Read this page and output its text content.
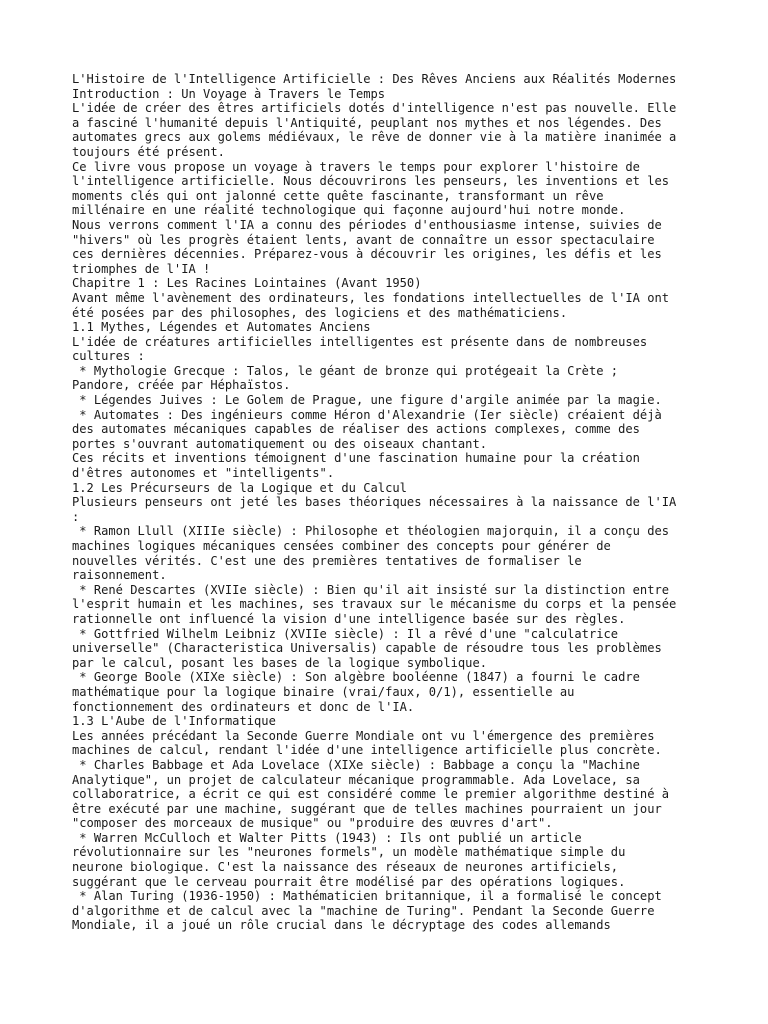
L'Histoire de l'Intelligence Artificielle : Des Rêves Anciens aux Réalités Modernes
Introduction : Un Voyage à Travers le Temps
L'idée de créer des êtres artificiels dotés d'intelligence n'est pas nouvelle. Elle
a fasciné l'humanité depuis l'Antiquité, peuplant nos mythes et nos légendes. Des
automates grecs aux golems médiévaux, le rêve de donner vie à la matière inanimée a
toujours été présent.
Ce livre vous propose un voyage à travers le temps pour explorer l'histoire de
l'intelligence artificielle. Nous découvrirons les penseurs, les inventions et les
moments clés qui ont jalonné cette quête fascinante, transformant un rêve
millénaire en une réalité technologique qui façonne aujourd'hui notre monde.
Nous verrons comment l'IA a connu des périodes d'enthousiasme intense, suivies de
"hivers" où les progrès étaient lents, avant de connaître un essor spectaculaire
ces dernières décennies. Préparez-vous à découvrir les origines, les défis et les
triomphes de l'IA !
Chapitre 1 : Les Racines Lointaines (Avant 1950)
Avant même l'avènement des ordinateurs, les fondations intellectuelles de l'IA ont
été posées par des philosophes, des logiciens et des mathématiciens.
1.1 Mythes, Légendes et Automates Anciens
L'idée de créatures artificielles intelligentes est présente dans de nombreuses
cultures :
* Mythologie Grecque : Talos, le géant de bronze qui protégeait la Crète ;
Pandore, créée par Héphaïstos.
* Légendes Juives : Le Golem de Prague, une figure d'argile animée par la magie.
* Automates : Des ingénieurs comme Héron d'Alexandrie (Ier siècle) créaient déjà
des automates mécaniques capables de réaliser des actions complexes, comme des
portes s'ouvrant automatiquement ou des oiseaux chantant.
Ces récits et inventions témoignent d'une fascination humaine pour la création
d'êtres autonomes et "intelligents".
1.2 Les Précurseurs de la Logique et du Calcul
Plusieurs penseurs ont jeté les bases théoriques nécessaires à la naissance de l'IA
:
* Ramon Llull (XIIIe siècle) : Philosophe et théologien majorquin, il a conçu des
machines logiques mécaniques censées combiner des concepts pour générer de
nouvelles vérités. C'est une des premières tentatives de formaliser le
raisonnement.
* René Descartes (XVIIe siècle) : Bien qu'il ait insisté sur la distinction entre
l'esprit humain et les machines, ses travaux sur le mécanisme du corps et la pensée
rationnelle ont influencé la vision d'une intelligence basée sur des règles.
* Gottfried Wilhelm Leibniz (XVIIe siècle) : Il a rêvé d'une "calculatrice
universelle" (Characteristica Universalis) capable de résoudre tous les problèmes
par le calcul, posant les bases de la logique symbolique.
* George Boole (XIXe siècle) : Son algèbre booléenne (1847) a fourni le cadre
mathématique pour la logique binaire (vrai/faux, 0/1), essentielle au
fonctionnement des ordinateurs et donc de l'IA.
1.3 L'Aube de l'Informatique
Les années précédant la Seconde Guerre Mondiale ont vu l'émergence des premières
machines de calcul, rendant l'idée d'une intelligence artificielle plus concrète.
* Charles Babbage et Ada Lovelace (XIXe siècle) : Babbage a conçu la "Machine
Analytique", un projet de calculateur mécanique programmable. Ada Lovelace, sa
collaboratrice, a écrit ce qui est considéré comme le premier algorithme destiné à
être exécuté par une machine, suggérant que de telles machines pourraient un jour
"composer des morceaux de musique" ou "produire des œuvres d'art".
* Warren McCulloch et Walter Pitts (1943) : Ils ont publié un article
révolutionnaire sur les "neurones formels", un modèle mathématique simple du
neurone biologique. C'est la naissance des réseaux de neurones artificiels,
suggérant que le cerveau pourrait être modélisé par des opérations logiques.
* Alan Turing (1936-1950) : Mathématicien britannique, il a formalisé le concept
d'algorithme et de calcul avec la "machine de Turing". Pendant la Seconde Guerre
Mondiale, il a joué un rôle crucial dans le décryptage des codes allemands
